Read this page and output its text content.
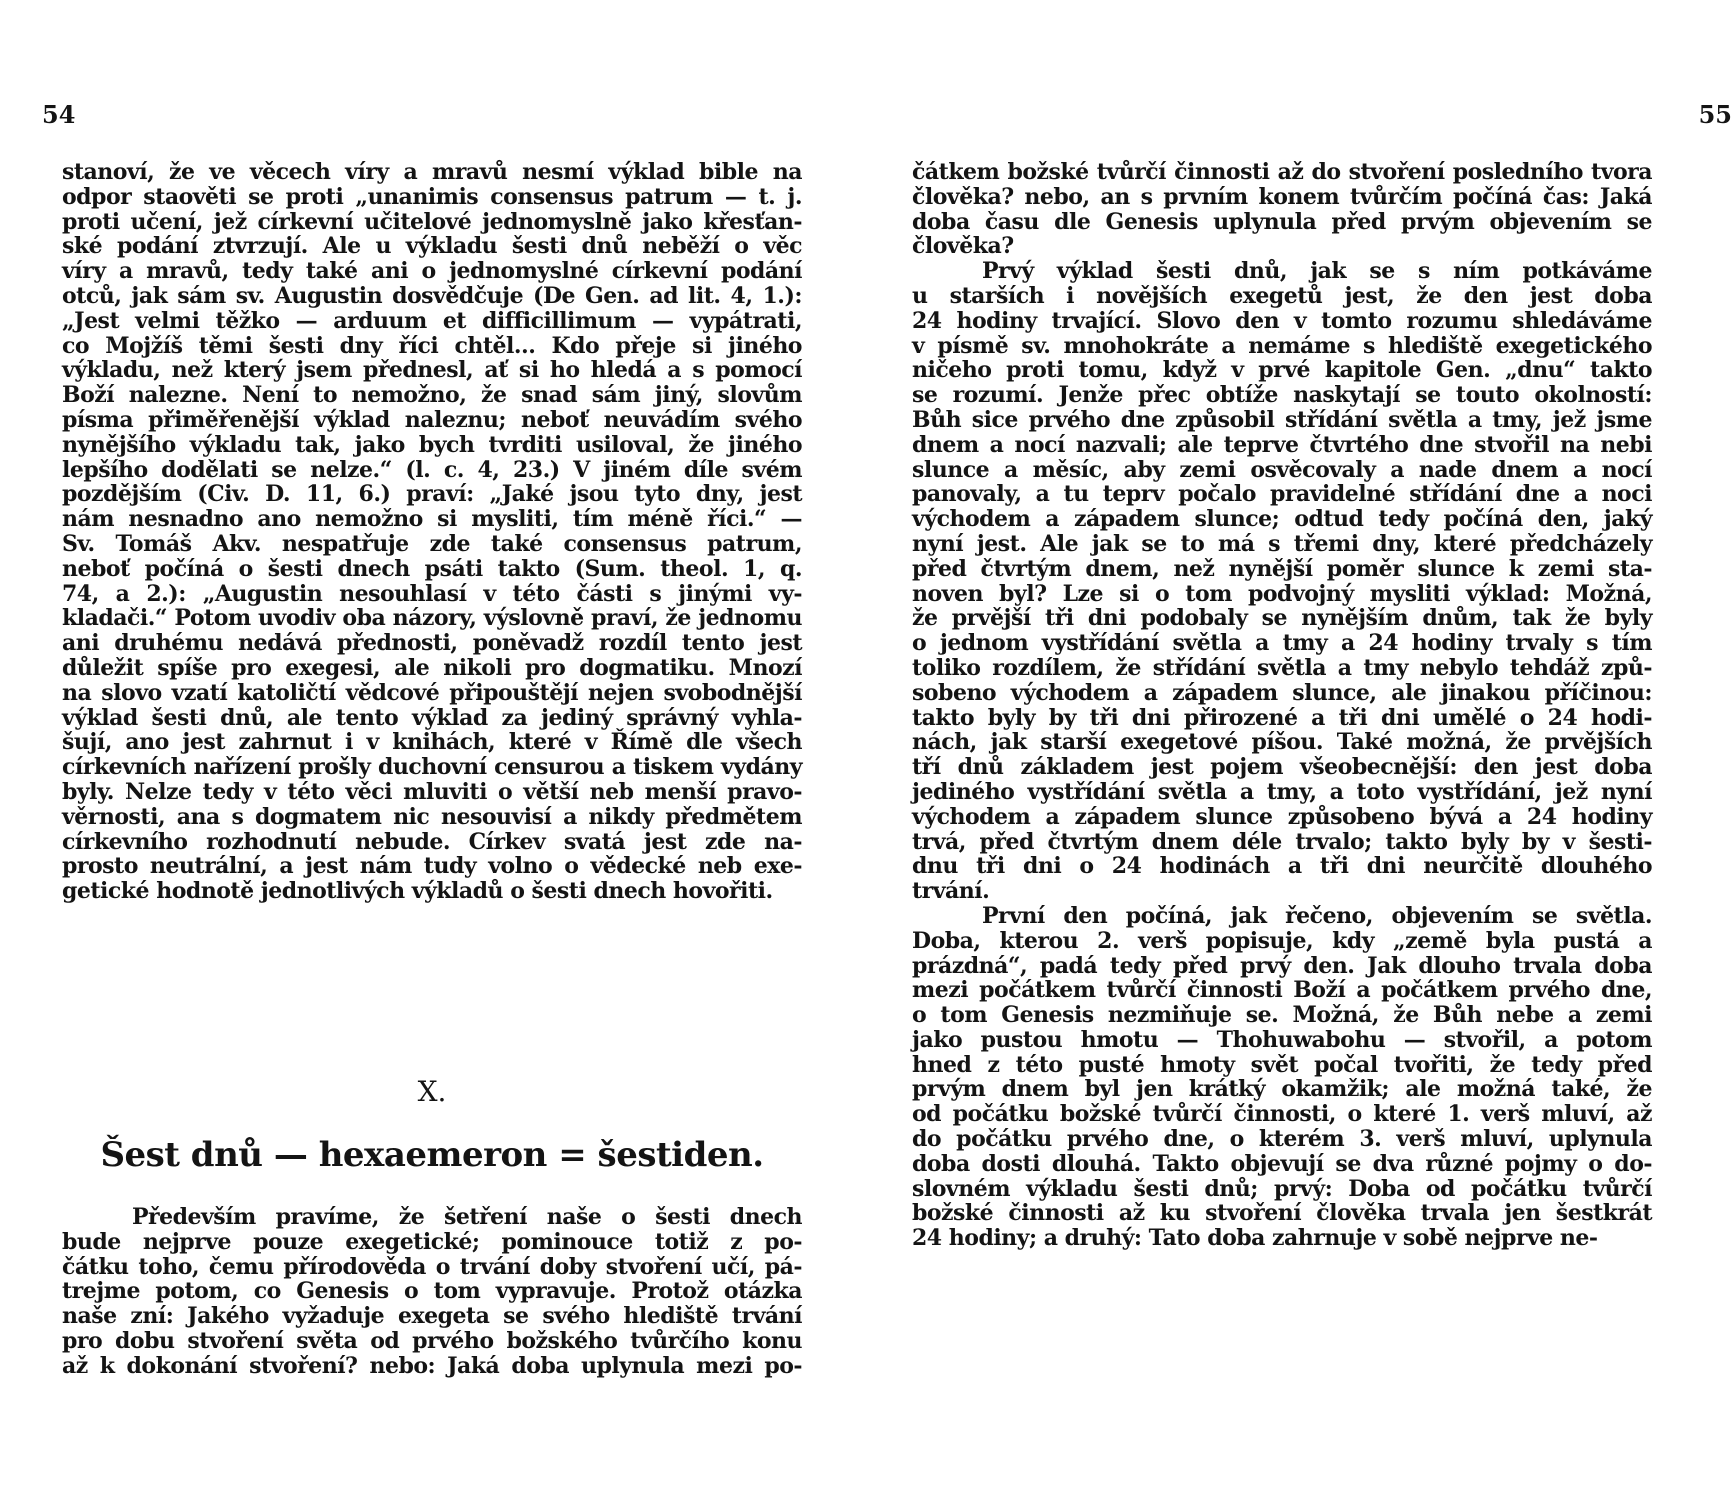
54
stanoví, že ve věcech víry a mravů nesmí výklad bible na
odpor staověti se proti „unanimis consensus patrum — t. j.
proti učení, jež církevní učitelové jednomyslně jako křesťan-
ské podání ztvrzují. Ale u výkladu šesti dnů neběží o věc
víry a mravů, tedy také ani o jednomyslné církevní podání
otců, jak sám sv. Augustin dosvědčuje (De Gen. ad lit. 4, 1.):
„Jest velmi těžko — arduum et difficillimum — vypátrati,
co Mojžíš těmi šesti dny říci chtěl… Kdo přeje si jiného
výkladu, než který jsem přednesl, ať si ho hledá a s pomocí
Boží nalezne. Není to nemožno, že snad sám jiný, slovům
písma přiměřenější výklad naleznu; neboť neuvádím svého
nynějšího výkladu tak, jako bych tvrditi usiloval, že jiného
lepšího dodělati se nelze.“ (l. c. 4, 23.) V jiném díle svém
pozdějším (Civ. D. 11, 6.) praví: „Jaké jsou tyto dny, jest
nám nesnadno ano nemožno si mysliti, tím méně říci.“ —
Sv. Tomáš Akv. nespatřuje zde také consensus patrum,
neboť počíná o šesti dnech psáti takto (Sum. theol. 1, q.
74, a 2.): „Augustin nesouhlasí v této části s jinými vy-
kladači.“ Potom uvodiv oba názory, výslovně praví, že jednomu
ani druhému nedává přednosti, poněvadž rozdíl tento jest
důležit spíše pro exegesi, ale nikoli pro dogmatiku. Mnozí
na slovo vzatí katoličtí vědcové připouštějí nejen svobodnější
výklad šesti dnů, ale tento výklad za jediný správný vyhla-
šují, ano jest zahrnut i v knihách, které v Římě dle všech
církevních nařízení prošly duchovní censurou a tiskem vydány
byly. Nelze tedy v této věci mluviti o větší neb menší pravo-
věrnosti, ana s dogmatem nic nesouvisí a nikdy předmětem
církevního rozhodnutí nebude. Církev svatá jest zde na-
prosto neutrální, a jest nám tudy volno o vědecké neb exe-
getické hodnotě jednotlivých výkladů o šesti dnech hovořiti.
X.
Šest dnů — hexaemeron = šestiden.
Především pravíme, že šetření naše o šesti dnech
bude nejprve pouze exegetické; pominouce totiž z po-
čátku toho, čemu přírodověda o trvání doby stvoření učí, pá-
trejme potom, co Genesis o tom vypravuje. Protož otázka
naše zní: Jakého vyžaduje exegeta se svého hlediště trvání
pro dobu stvoření světa od prvého božského tvůrčího konu
až k dokonání stvoření? nebo: Jaká doba uplynula mezi po-
55
čátkem božské tvůrčí činnosti až do stvoření posledního tvora
člověka? nebo, an s prvním konem tvůrčím počíná čas: Jaká
doba času dle Genesis uplynula před prvým objevením se
člověka?
Prvý výklad šesti dnů, jak se s ním potkáváme
u starších i novějších exegetů jest, že den jest doba
24 hodiny trvající. Slovo den v tomto rozumu shledáváme
v písmě sv. mnohokráte a nemáme s hlediště exegetického
ničeho proti tomu, když v prvé kapitole Gen. „dnu“ takto
se rozumí. Jenže přec obtíže naskytají se touto okolností:
Bůh sice prvého dne způsobil střídání světla a tmy, jež jsme
dnem a nocí nazvali; ale teprve čtvrtého dne stvořil na nebi
slunce a měsíc, aby zemi osvěcovaly a nade dnem a nocí
panovaly, a tu teprv počalo pravidelné střídání dne a noci
východem a západem slunce; odtud tedy počíná den, jaký
nyní jest. Ale jak se to má s třemi dny, které předcházely
před čtvrtým dnem, než nynější poměr slunce k zemi sta-
noven byl? Lze si o tom podvojný mysliti výklad: Možná,
že prvější tři dni podobaly se nynějším dnům, tak že byly
o jednom vystřídání světla a tmy a 24 hodiny trvaly s tím
toliko rozdílem, že střídání světla a tmy nebylo tehdáž způ-
sobeno východem a západem slunce, ale jinakou příčinou:
takto byly by tři dni přirozené a tři dni umělé o 24 hodi-
nách, jak starší exegetové píšou. Také možná, že prvějších
tří dnů základem jest pojem všeobecnější: den jest doba
jediného vystřídání světla a tmy, a toto vystřídání, jež nyní
východem a západem slunce způsobeno bývá a 24 hodiny
trvá, před čtvrtým dnem déle trvalo; takto byly by v šesti-
dnu tři dni o 24 hodinách a tři dni neurčitě dlouhého
trvání.
První den počíná, jak řečeno, objevením se světla.
Doba, kterou 2. verš popisuje, kdy „země byla pustá a
prázdná“, padá tedy před prvý den. Jak dlouho trvala doba
mezi počátkem tvůrčí činnosti Boží a počátkem prvého dne,
o tom Genesis nezmiňuje se. Možná, že Bůh nebe a zemi
jako pustou hmotu — Thohuwabohu — stvořil, a potom
hned z této pusté hmoty svět počal tvořiti, že tedy před
prvým dnem byl jen krátký okamžik; ale možná také, že
od počátku božské tvůrčí činnosti, o které 1. verš mluví, až
do počátku prvého dne, o kterém 3. verš mluví, uplynula
doba dosti dlouhá. Takto objevují se dva různé pojmy o do-
slovném výkladu šesti dnů; prvý: Doba od počátku tvůrčí
božské činnosti až ku stvoření člověka trvala jen šestkrát
24 hodiny; a druhý: Tato doba zahrnuje v sobě nejprve ne-
